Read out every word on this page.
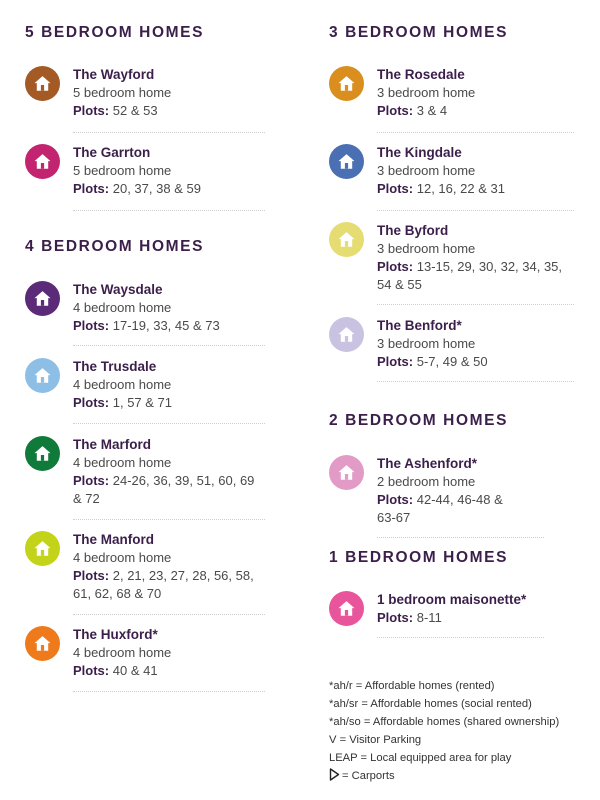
5 BEDROOM HOMES
The Wayford
5 bedroom home
Plots: 52 & 53
The Garrton
5 bedroom home
Plots: 20, 37, 38 & 59
4 BEDROOM HOMES
The Waysdale
4 bedroom home
Plots: 17-19, 33, 45 & 73
The Trusdale
4 bedroom home
Plots: 1, 57 & 71
The Marford
4 bedroom home
Plots: 24-26, 36, 39, 51, 60, 69 & 72
The Manford
4 bedroom home
Plots: 2, 21, 23, 27, 28, 56, 58, 61, 62, 68 & 70
The Huxford*
4 bedroom home
Plots: 40 & 41
3 BEDROOM HOMES
The Rosedale
3 bedroom home
Plots: 3 & 4
The Kingdale
3 bedroom home
Plots: 12, 16, 22 & 31
The Byford
3 bedroom home
Plots: 13-15, 29, 30, 32, 34, 35, 54 & 55
The Benford*
3 bedroom home
Plots: 5-7, 49 & 50
2 BEDROOM HOMES
The Ashenford*
2 bedroom home
Plots: 42-44, 46-48 & 63-67
1 BEDROOM HOMES
1 bedroom maisonette*
Plots: 8-11
*ah/r = Affordable homes (rented)
*ah/sr = Affordable homes (social rented)
*ah/so = Affordable homes (shared ownership)
V = Visitor Parking
LEAP = Local equipped area for play
= Carports
